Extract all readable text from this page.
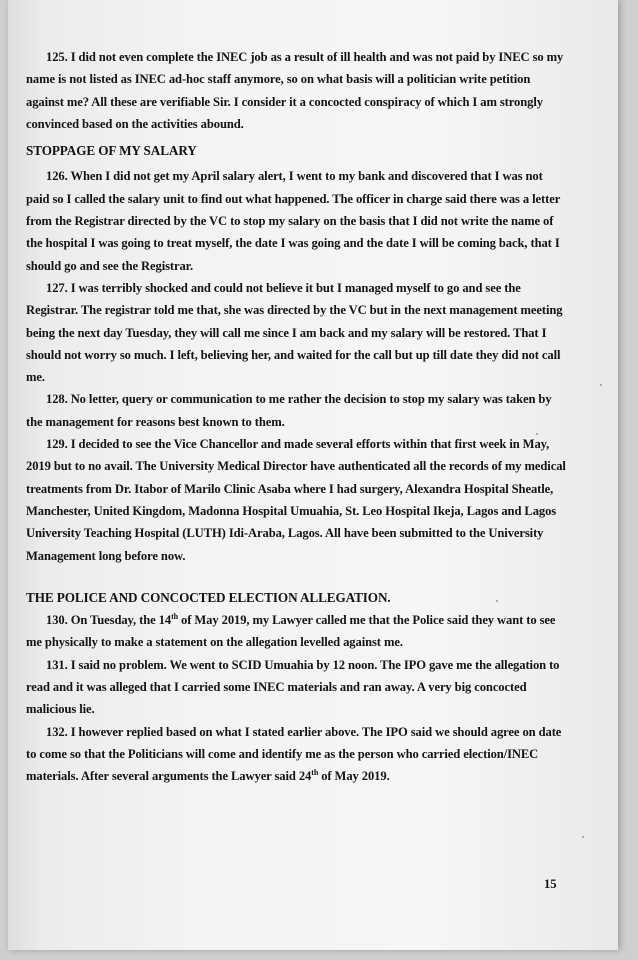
125. I did not even complete the INEC job as a result of ill health and was not paid by INEC so my name is not listed as INEC ad-hoc staff anymore, so on what basis will a politician write petition against me? All these are verifiable Sir. I consider it a concocted conspiracy of which I am strongly convinced based on the activities abound.

STOPPAGE OF MY SALARY

126. When I did not get my April salary alert, I went to my bank and discovered that I was not paid so I called the salary unit to find out what happened. The officer in charge said there was a letter from the Registrar directed by the VC to stop my salary on the basis that I did not write the name of the hospital I was going to treat myself, the date I was going and the date I will be coming back, that I should go and see the Registrar.

127. I was terribly shocked and could not believe it but I managed myself to go and see the Registrar. The registrar told me that, she was directed by the VC but in the next management meeting being the next day Tuesday, they will call me since I am back and my salary will be restored. That I should not worry so much. I left, believing her, and waited for the call but up till date they did not call me.

128. No letter, query or communication to me rather the decision to stop my salary was taken by the management for reasons best known to them.

129. I decided to see the Vice Chancellor and made several efforts within that first week in May, 2019 but to no avail. The University Medical Director have authenticated all the records of my medical treatments from Dr. Itabor of Marilo Clinic Asaba where I had surgery, Alexandra Hospital Sheatle, Manchester, United Kingdom, Madonna Hospital Umuahia, St. Leo Hospital Ikeja, Lagos and Lagos University Teaching Hospital (LUTH) Idi-Araba, Lagos. All have been submitted to the University Management long before now.

THE POLICE AND CONCOCTED ELECTION ALLEGATION.

130. On Tuesday, the 14th of May 2019, my Lawyer called me that the Police said they want to see me physically to make a statement on the allegation levelled against me.

131. I said no problem. We went to SCID Umuahia by 12 noon. The IPO gave me the allegation to read and it was alleged that I carried some INEC materials and ran away. A very big concocted malicious lie.

132. I however replied based on what I stated earlier above. The IPO said we should agree on date to come so that the Politicians will come and identify me as the person who carried election/INEC materials. After several arguments the Lawyer said 24th of May 2019.

15
